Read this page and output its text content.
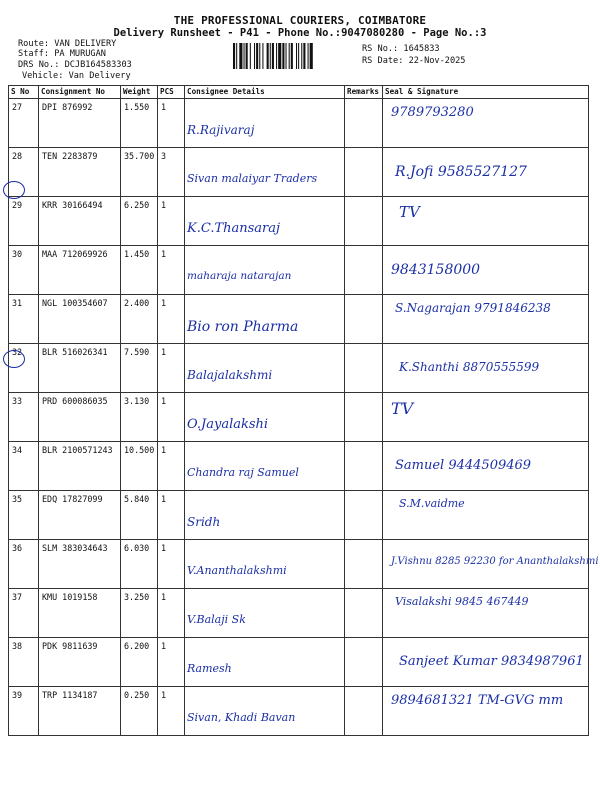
THE PROFESSIONAL COURIERS, COIMBATORE
Delivery Runsheet - P41 - Phone No.:9047080280 - Page No.:3
Route: VAN DELIVERY
Staff: PA MURUGAN
DRS No.: DCJB164583303
Vehicle: Van Delivery
RS No.: 1645833
RS Date: 22-Nov-2025
S No	Consignment No	Weight	PCS	Consignee Details	Remarks	Seal & Signature

27	DPI 876992	1.550	1	R.Rajivaraj		9789793280

28	TEN 2283879	35.700	3	Sivan malaiyar Traders		R.Jofi 9585527127

29	KRR 30166494	6.250	1	K.C.Thansaraj		TV

30	MAA 712069926	1.450	1	maharaja natarajan		9843158000

31	NGL 100354607	2.400	1	Bio ron Pharma		S.Nagarajan 9791846238

32	BLR 516026341	7.590	1	Balajalakshmi		K.Shanthi 8870555599

33	PRD 600086035	3.130	1	O.Jayalakshi		TV

34	BLR 2100571243	10.500	1	Chandra raj Samuel		Samuel 9444509469

35	EDQ 17827099	5.840	1	Sridh		S.M.vaidme

36	SLM 383034643	6.030	1	V.Ananthalakshmi		J.Vishnu 8285 92230 for Ananthalakshmi

37	KMU 1019158	3.250	1	V.Balaji Sk		Visalakshi 9845 467449

38	PDK 9811639	6.200	1	Ramesh		Sanjeet Kumar 9834987961

39	TRP 1134187	0.250	1	Sivan, Khadi Bavan		9894681321 TM-GVG mm
